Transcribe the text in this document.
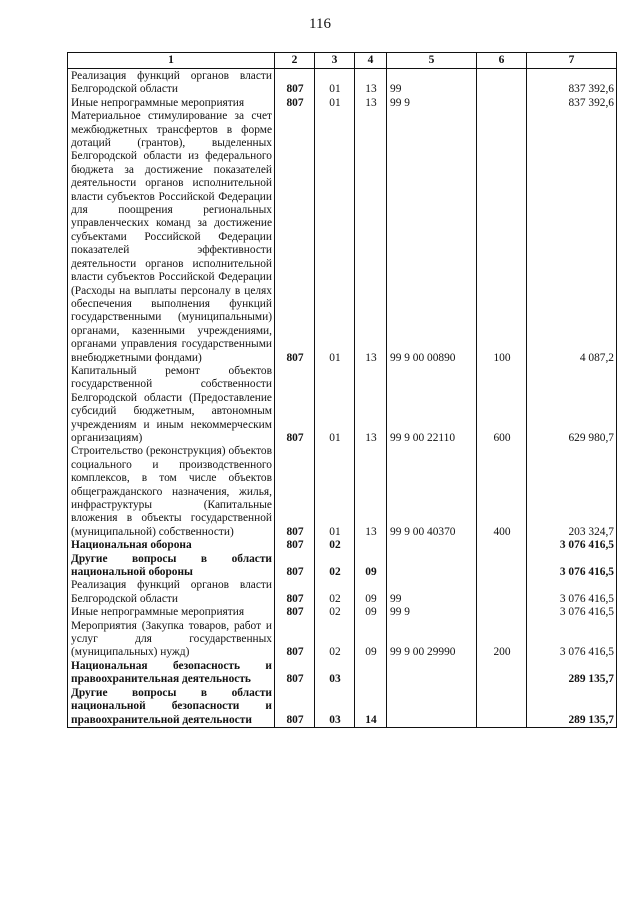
116
1	2	3	4	5	6	7
Реализация функций органов власти Белгородской области	807	01	13	99		837 392,6
Иные непрограммные мероприятия	807	01	13	99 9		837 392,6
Материальное стимулирование за счет межбюджетных трансфертов в форме дотаций (грантов), выделенных Белгородской области из федерального бюджета за достижение показателей деятельности органов исполнительной власти субъектов Российской Федерации для поощрения региональных управленческих команд за достижение субъектами Российской Федерации показателей эффективности деятельности органов исполнительной власти субъектов Российской Федерации (Расходы на выплаты персоналу в целях обеспечения выполнения функций государственными (муниципальными) органами, казенными учреждениями, органами управления государственными внебюджетными фондами)	807	01	13	99 9 00 00890	100	4 087,2
Капитальный ремонт объектов государственной собственности Белгородской области (Предоставление субсидий бюджетным, автономным учреждениям и иным некоммерческим организациям)	807	01	13	99 9 00 22110	600	629 980,7
Строительство (реконструкция) объектов социального и производственного комплексов, в том числе объектов общегражданского назначения, жилья, инфраструктуры (Капитальные вложения в объекты государственной (муниципальной) собственности)	807	01	13	99 9 00 40370	400	203 324,7
Национальная оборона	807	02				3 076 416,5
Другие вопросы в области национальной обороны	807	02	09			3 076 416,5
Реализация функций органов власти Белгородской области	807	02	09	99		3 076 416,5
Иные непрограммные мероприятия	807	02	09	99 9		3 076 416,5
Мероприятия (Закупка товаров, работ и услуг для государственных (муниципальных) нужд)	807	02	09	99 9 00 29990	200	3 076 416,5
Национальная безопасность и правоохранительная деятельность	807	03				289 135,7
Другие вопросы в области национальной безопасности и правоохранительной деятельности	807	03	14			289 135,7
